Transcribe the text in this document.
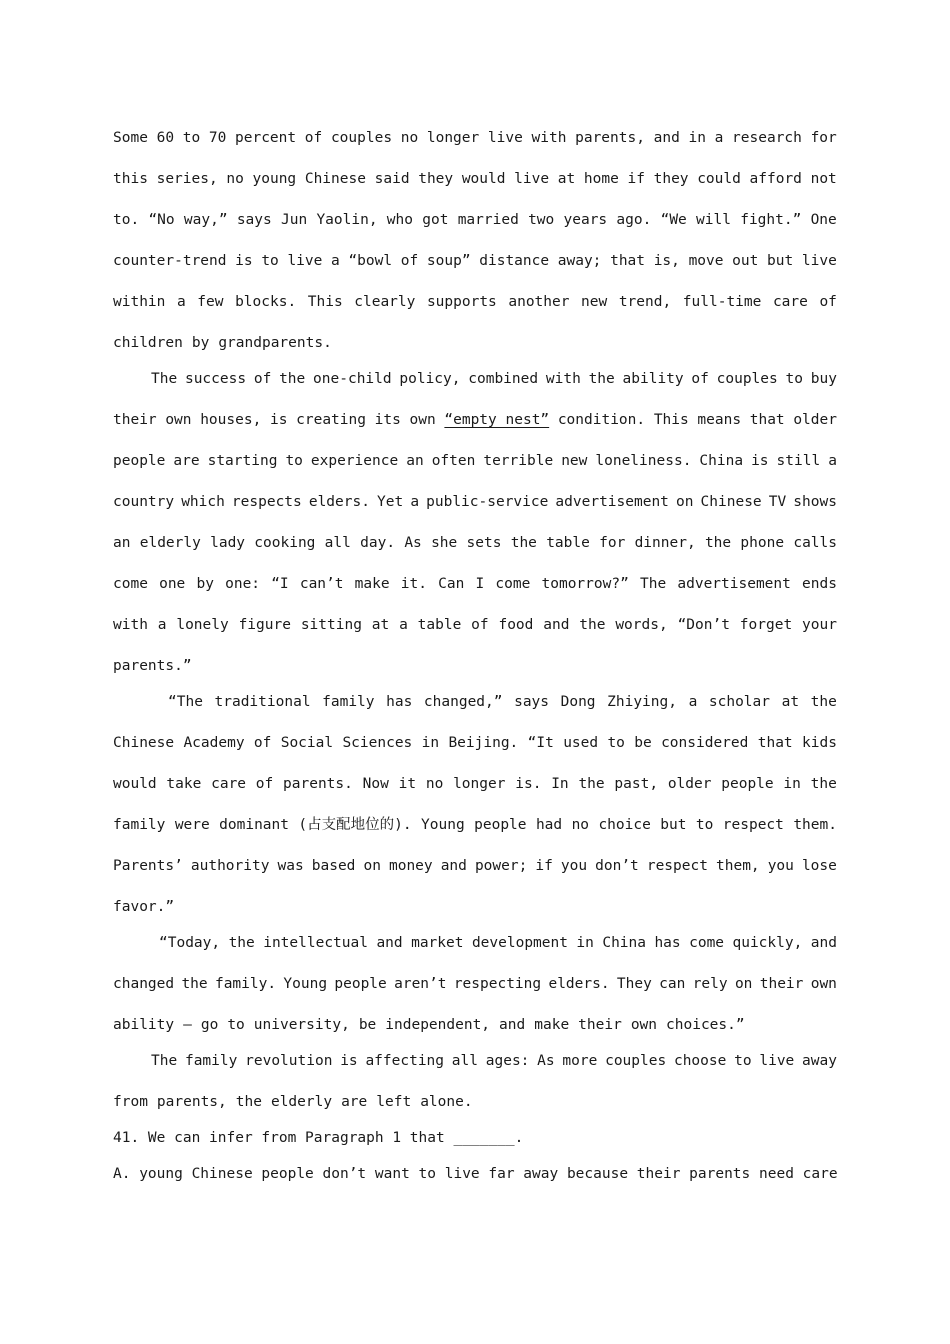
Some 60 to 70 percent of couples no longer live with parents, and in a research for
this series, no young Chinese said they would live at home if they could afford not
to. “No way,” says Jun Yaolin, who got married two years ago. “We will fight.” One
counter-trend is to live a “bowl of soup” distance away; that is, move out but live
within a few blocks. This clearly supports another new trend, full-time care of
children by grandparents.
The success of the one-child policy, combined with the ability of couples to buy
their own houses, is creating its own “empty nest” condition. This means that older
people are starting to experience an often terrible new loneliness. China is still a
country which respects elders. Yet a public-service advertisement on Chinese TV shows
an elderly lady cooking all day. As she sets the table for dinner, the phone calls
come one by one: “I can’t make it. Can I come tomorrow?” The advertisement ends
with a lonely figure sitting at a table of food and the words, “Don’t forget your
parents.”
“The traditional family has changed,” says Dong Zhiying, a scholar at the
Chinese Academy of Social Sciences in Beijing. “It used to be considered that kids
would take care of parents. Now it no longer is. In the past, older people in the
family were dominant (占支配地位的). Young people had no choice but to respect them.
Parents’ authority was based on money and power; if you don’t respect them, you lose
favor.”
“Today, the intellectual and market development in China has come quickly, and
changed the family. Young people aren’t respecting elders. They can rely on their own
ability — go to university, be independent, and make their own choices.”
The family revolution is affecting all ages: As more couples choose to live away
from parents, the elderly are left alone.
41. We can infer from Paragraph 1 that _______.
A. young Chinese people don’t want to live far away because their parents need care
